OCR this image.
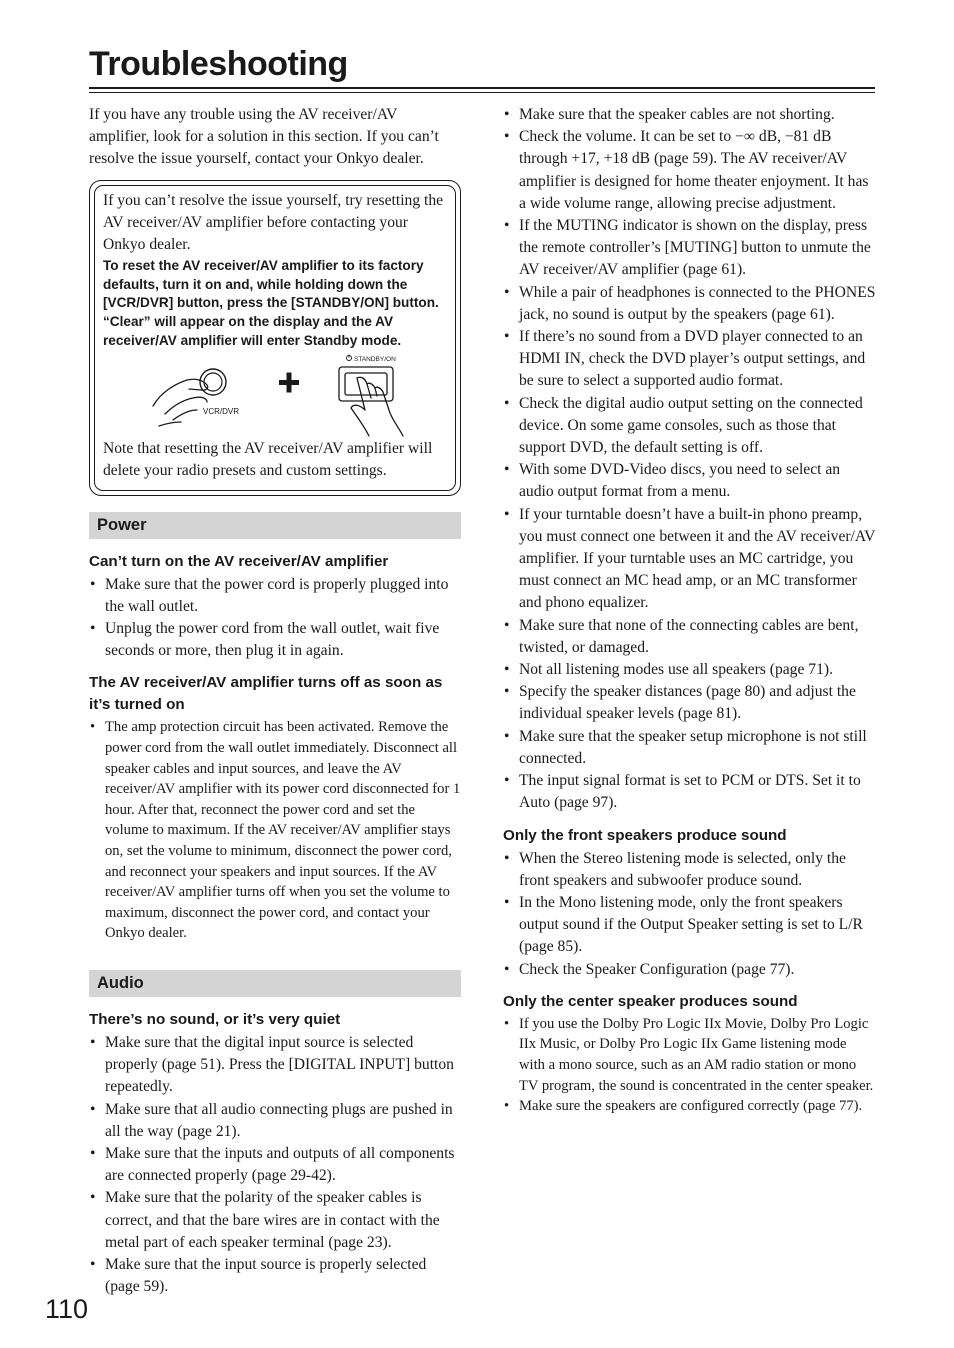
Troubleshooting

If you have any trouble using the AV receiver/AV amplifier, look for a solution in this section. If you can’t resolve the issue yourself, contact your Onkyo dealer.

If you can’t resolve the issue yourself, try resetting the AV receiver/AV amplifier before contacting your Onkyo dealer.

To reset the AV receiver/AV amplifier to its factory defaults, turn it on and, while holding down the [VCR/DVR] button, press the [STANDBY/ON] button. “Clear” will appear on the display and the AV receiver/AV amplifier will enter Standby mode.

VCR/DVR
STANDBY/ON

Note that resetting the AV receiver/AV amplifier will delete your radio presets and custom settings.

Power

Can’t turn on the AV receiver/AV amplifier

• Make sure that the power cord is properly plugged into the wall outlet.
• Unplug the power cord from the wall outlet, wait five seconds or more, then plug it in again.

The AV receiver/AV amplifier turns off as soon as it’s turned on

• The amp protection circuit has been activated. Remove the power cord from the wall outlet immediately. Disconnect all speaker cables and input sources, and leave the AV receiver/AV amplifier with its power cord disconnected for 1 hour. After that, reconnect the power cord and set the volume to maximum. If the AV receiver/AV amplifier stays on, set the volume to minimum, disconnect the power cord, and reconnect your speakers and input sources. If the AV receiver/AV amplifier turns off when you set the volume to maximum, disconnect the power cord, and contact your Onkyo dealer.
Audio

There’s no sound, or it’s very quiet

• Make sure that the digital input source is selected properly (page 51). Press the [DIGITAL INPUT] button repeatedly.
• Make sure that all audio connecting plugs are pushed in all the way (page 21).
• Make sure that the inputs and outputs of all components are connected properly (page 29-42).
• Make sure that the polarity of the speaker cables is correct, and that the bare wires are in contact with the metal part of each speaker terminal (page 23).
• Make sure that the input source is properly selected (page 59).
• Make sure that the speaker cables are not shorting.
• Check the volume. It can be set to −∞ dB, −81 dB through +17, +18 dB (page 59). The AV receiver/AV amplifier is designed for home theater enjoyment. It has a wide volume range, allowing precise adjustment.
• If the MUTING indicator is shown on the display, press the remote controller’s [MUTING] button to unmute the AV receiver/AV amplifier (page 61).
• While a pair of headphones is connected to the PHONES jack, no sound is output by the speakers (page 61).
• If there’s no sound from a DVD player connected to an HDMI IN, check the DVD player’s output settings, and be sure to select a supported audio format.
• Check the digital audio output setting on the connected device. On some game consoles, such as those that support DVD, the default setting is off.
• With some DVD-Video discs, you need to select an audio output format from a menu.
• If your turntable doesn’t have a built-in phono preamp, you must connect one between it and the AV receiver/AV amplifier. If your turntable uses an MC cartridge, you must connect an MC head amp, or an MC transformer and phono equalizer.
• Make sure that none of the connecting cables are bent, twisted, or damaged.
• Not all listening modes use all speakers (page 71).
• Specify the speaker distances (page 80) and adjust the individual speaker levels (page 81).
• Make sure that the speaker setup microphone is not still connected.
• The input signal format is set to PCM or DTS. Set it to Auto (page 97).

Only the front speakers produce sound

• When the Stereo listening mode is selected, only the front speakers and subwoofer produce sound.
• In the Mono listening mode, only the front speakers output sound if the Output Speaker setting is set to L/R (page 85).
• Check the Speaker Configuration (page 77).

Only the center speaker produces sound

• If you use the Dolby Pro Logic IIx Movie, Dolby Pro Logic IIx Music, or Dolby Pro Logic IIx Game listening mode with a mono source, such as an AM radio station or mono TV program, the sound is concentrated in the center speaker.
• Make sure the speakers are configured correctly (page 77).
110
